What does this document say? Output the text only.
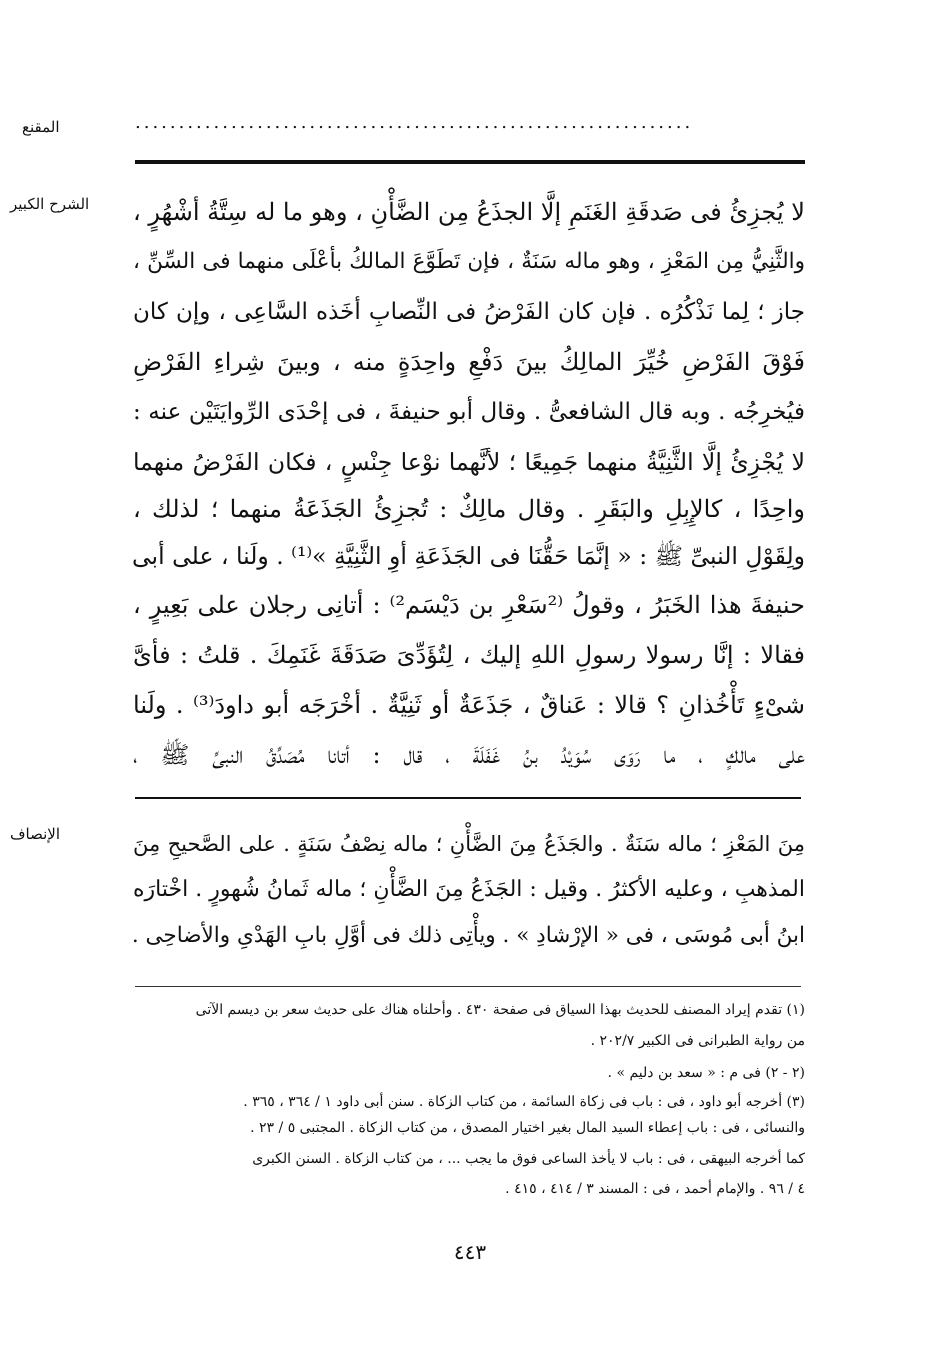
المقنع	................................................................
الشرح الكبير
الإنصاف
لا يُجزِئُ فى صَدقَةِ الغَنَمِ إلَّا الجذَعُ مِن الضَّأْنِ ، وهو ما له سِتَّةُ أشْهُرٍ ،
والثَّنِيُّ مِن المَعْزِ ، وهو ماله سَنَةٌ ، فإن تَطَوَّعَ المالكُ بأعْلَى منهما فى السِّنِّ ،
جاز ؛ لِما نَذْكُرُه . فإن كان الفَرْضُ فى النِّصابِ أخَذه السَّاعِى ، وإن كان
فَوْقَ الفَرْضِ خُيِّرَ المالِكُ بينَ دَفْعِ واحِدَةٍ منه ، وبينَ شِراءِ الفَرْضِ
فيُخرِجُه . وبه قال الشافعىُّ . وقال أبو حنيفةَ ، فى إحْدَى الرِّوايَتَيْن عنه :
لا يُجْزِئُ إلَّا الثَّنِيَّةُ منهما جَمِيعًا ؛ لأنَّهما نوْعا جِنْسٍ ، فكان الفَرْضُ منهما
واحِدًا ، كالإِبِلِ والبَقَرِ . وقال مالِكٌ : تُجزِئُ الجَذَعَةُ منهما ؛ لذلك ،
ولِقَوْلِ النبىِّ ﷺ : « إنَّمَا حَقُّنَا فى الجَذَعَةِ أوِ الثَّنِيَّةِ »⁽¹⁾ . ولَنا ، على أبى
حنيفةَ هذا الخَبَرُ ، وقولُ ⁽²سَعْرِ بن دَيْسَم²⁾ : أتانِى رجلان على بَعِيرٍ ،
فقالا : إنَّا رسولا رسولِ اللهِ إليك ، لِتُؤَدِّىَ صَدَقَةَ غَنَمِكَ . قلتُ : فأىَّ
شىْءٍ تَأْخُذانِ ؟ قالا : عَناقٌ ، جَذَعَةٌ أو ثَنِيَّةٌ . أخْرَجَه أبو داودَ⁽³⁾ . ولَنا
على مالكٍ ، ما رَوَى سُوَيْدُ بنُ غَفَلَةَ ، قال : أتانا مُصَدِّقُ النبىِّ ﷺ ،
مِنَ المَعْزِ ؛ ماله سَنَةٌ . والجَذَعُ مِنَ الضَّأْنِ ؛ ماله نِصْفُ سَنَةٍ . على الصَّحيحِ مِنَ
المذهبِ ، وعليه الأكثرُ . وقيل : الجَذَعُ مِنَ الضَّأْنِ ؛ ماله ثَمانُ شُهورٍ . اخْتارَه
ابنُ أبى مُوسَى ، فى « الإرْشادِ » . ويأْتِى ذلك فى أوَّلِ بابِ الهَدْىِ والأضاحِى .
(١) تقدم إيراد المصنف للحديث بهذا السياق فى صفحة ٤٣٠ . وأحلناه هناك على حديث سعر بن ديسم الآتى
من رواية الطبرانى فى الكبير ٢٠٢/٧ .
(٢ - ٢) فى م : « سعد بن دليم » .
(٣) أخرجه أبو داود ، فى : باب فى زكاة السائمة ، من كتاب الزكاة . سنن أبى داود ١ / ٣٦٤ ، ٣٦٥ .
والنسائى ، فى : باب إعطاء السيد المال بغير اختيار المصدق ، من كتاب الزكاة . المجتبى ٥ / ٢٣ .
كما أخرجه البيهقى ، فى : باب لا يأخذ الساعى فوق ما يجب ... ، من كتاب الزكاة . السنن الكبرى
٤ / ٩٦ . والإمام أحمد ، فى : المسند ٣ / ٤١٤ ، ٤١٥ .
٤٤٣
